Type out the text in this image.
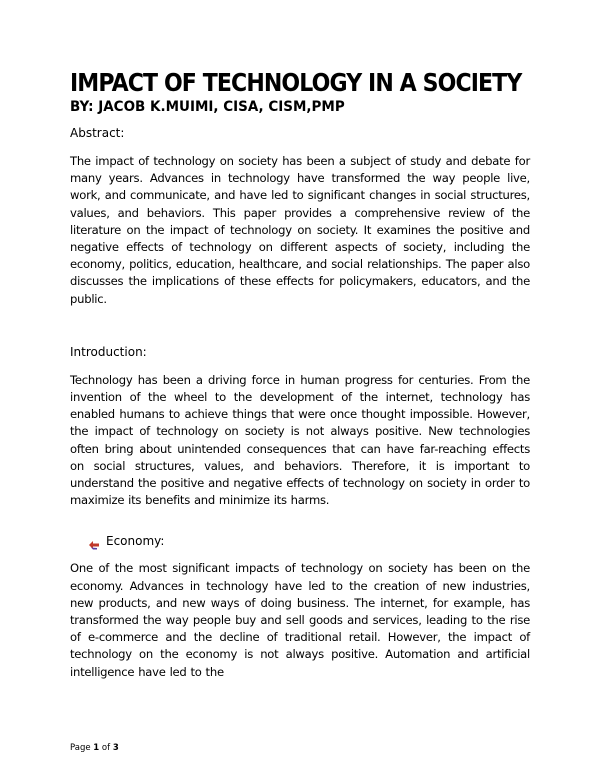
IMPACT OF TECHNOLOGY IN A SOCIETY
BY: JACOB K.MUIMI, CISA, CISM,PMP
Abstract:

The impact of technology on society has been a subject of study and debate for many years. Advances in technology have transformed the way people live, work, and communicate, and have led to significant changes in social structures, values, and behaviors. This paper provides a comprehensive review of the literature on the impact of technology on society. It examines the positive and negative effects of technology on different aspects of society, including the economy, politics, education, healthcare, and social relationships. The paper also discusses the implications of these effects for policymakers, educators, and the public.

Introduction:

Technology has been a driving force in human progress for centuries. From the invention of the wheel to the development of the internet, technology has enabled humans to achieve things that were once thought impossible. However, the impact of technology on society is not always positive. New technologies often bring about unintended consequences that can have far-reaching effects on social structures, values, and behaviors. Therefore, it is important to understand the positive and negative effects of technology on society in order to maximize its benefits and minimize its harms.

Economy:

One of the most significant impacts of technology on society has been on the economy. Advances in technology have led to the creation of new industries, new products, and new ways of doing business. The internet, for example, has transformed the way people buy and sell goods and services, leading to the rise of e-commerce and the decline of traditional retail. However, the impact of technology on the economy is not always positive. Automation and artificial intelligence have led to the

Page 1 of 3
